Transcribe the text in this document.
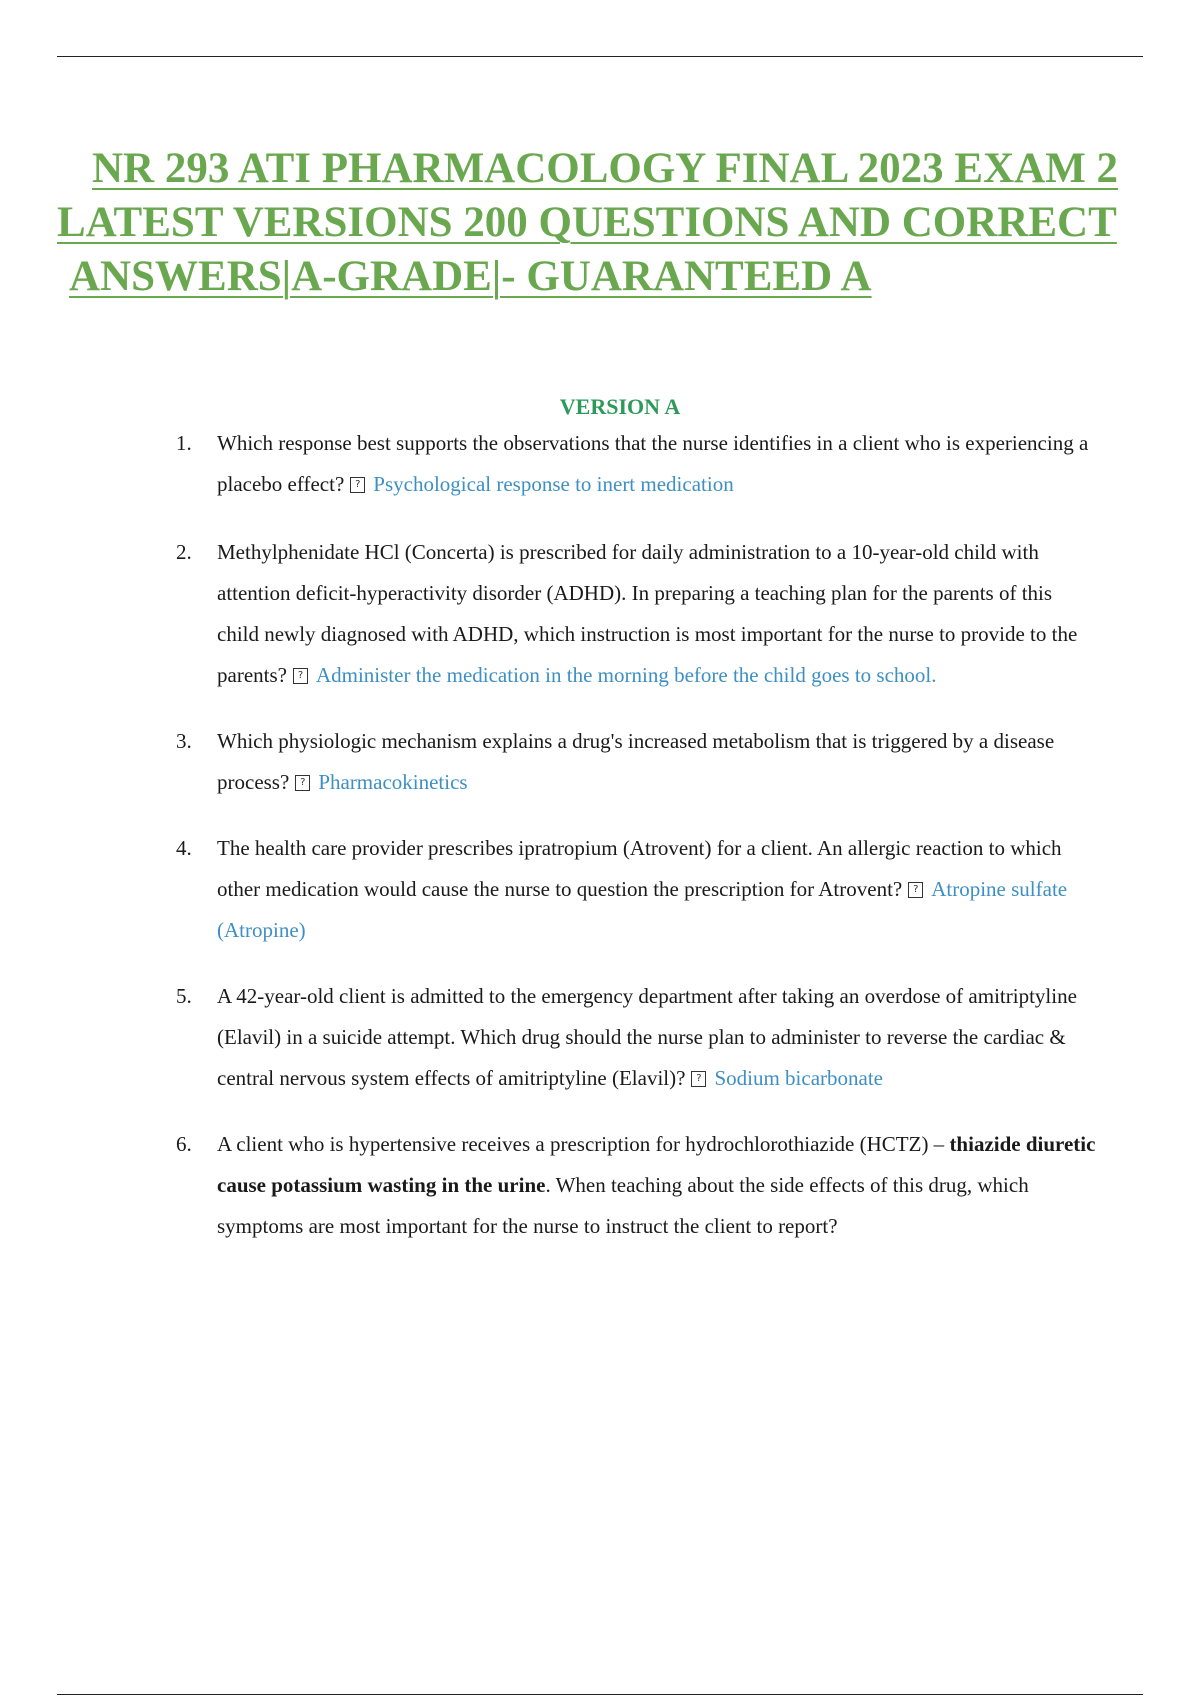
NR 293 ATI PHARMACOLOGY FINAL 2023 EXAM 2
LATEST VERSIONS 200 QUESTIONS AND CORRECT
ANSWERS|A-GRADE|- GUARANTEED A
VERSION A
1. Which response best supports the observations that the nurse identifies in a client who is experiencing a placebo effect? ? Psychological response to inert medication
2. Methylphenidate HCl (Concerta) is prescribed for daily administration to a 10-year-old child with attention deficit-hyperactivity disorder (ADHD). In preparing a teaching plan for the parents of this child newly diagnosed with ADHD, which instruction is most important for the nurse to provide to the parents? ? Administer the medication in the morning before the child goes to school.
3. Which physiologic mechanism explains a drug's increased metabolism that is triggered by a disease process? ? Pharmacokinetics
4. The health care provider prescribes ipratropium (Atrovent) for a client. An allergic reaction to which other medication would cause the nurse to question the prescription for Atrovent? ? Atropine sulfate (Atropine)
5. A 42-year-old client is admitted to the emergency department after taking an overdose of amitriptyline (Elavil) in a suicide attempt. Which drug should the nurse plan to administer to reverse the cardiac & central nervous system effects of amitriptyline (Elavil)? ? Sodium bicarbonate
6. A client who is hypertensive receives a prescription for hydrochlorothiazide (HCTZ) – thiazide diuretic cause potassium wasting in the urine. When teaching about the side effects of this drug, which symptoms are most important for the nurse to instruct the client to report?
